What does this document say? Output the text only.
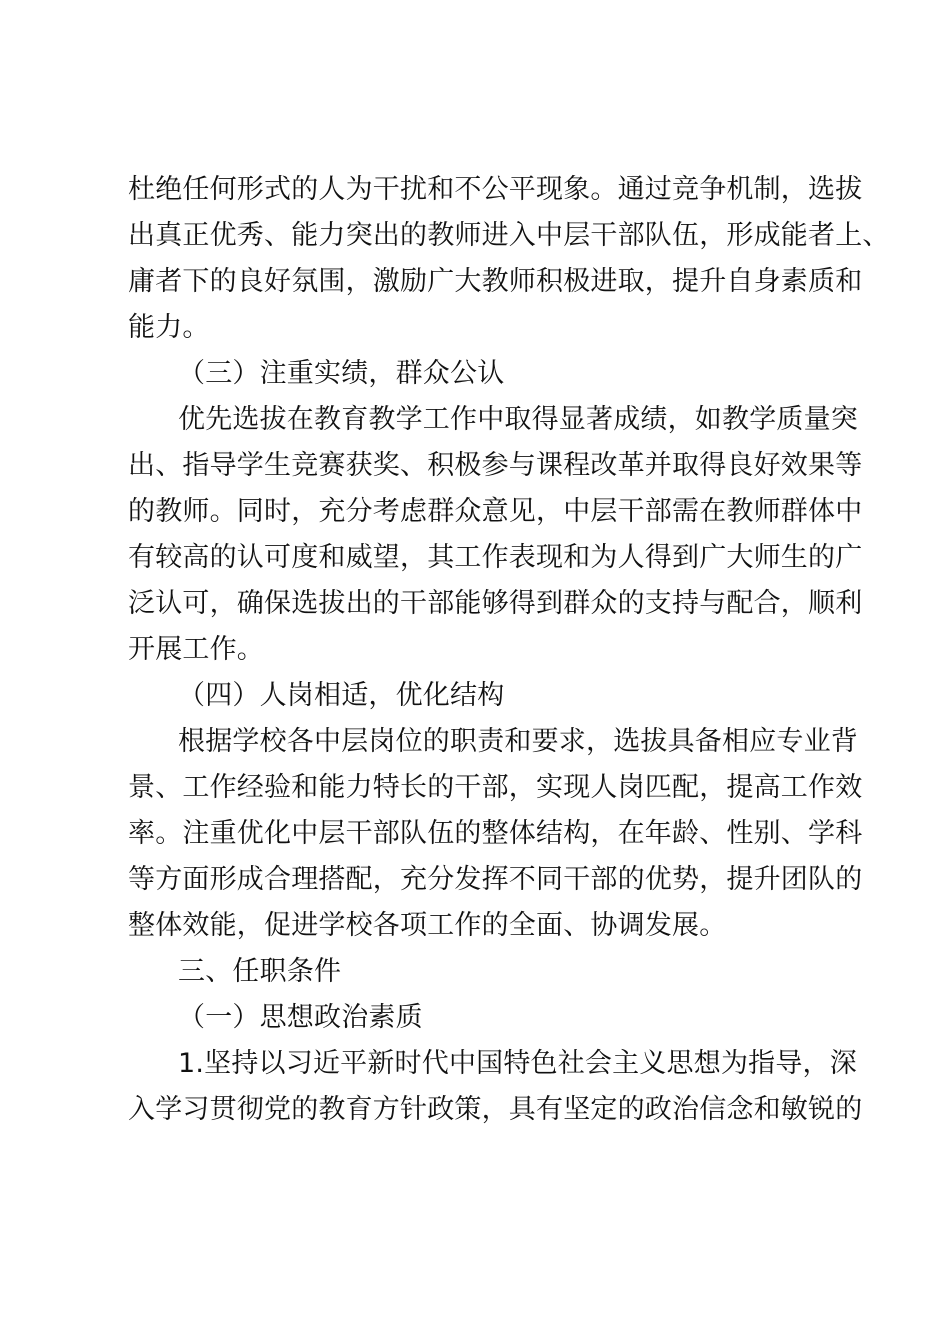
杜绝任何形式的人为干扰和不公平现象。通过竞争机制，选拔
出真正优秀、能力突出的教师进入中层干部队伍，形成能者上、
庸者下的良好氛围，激励广大教师积极进取，提升自身素质和
能力。
（三）注重实绩，群众公认
优先选拔在教育教学工作中取得显著成绩，如教学质量突
出、指导学生竞赛获奖、积极参与课程改革并取得良好效果等
的教师。同时，充分考虑群众意见，中层干部需在教师群体中
有较高的认可度和威望，其工作表现和为人得到广大师生的广
泛认可，确保选拔出的干部能够得到群众的支持与配合，顺利
开展工作。
（四）人岗相适，优化结构
根据学校各中层岗位的职责和要求，选拔具备相应专业背
景、工作经验和能力特长的干部，实现人岗匹配，提高工作效
率。注重优化中层干部队伍的整体结构，在年龄、性别、学科
等方面形成合理搭配，充分发挥不同干部的优势，提升团队的
整体效能，促进学校各项工作的全面、协调发展。
三、任职条件
（一）思想政治素质
1.坚持以习近平新时代中国特色社会主义思想为指导，深
入学习贯彻党的教育方针政策，具有坚定的政治信念和敏锐的
